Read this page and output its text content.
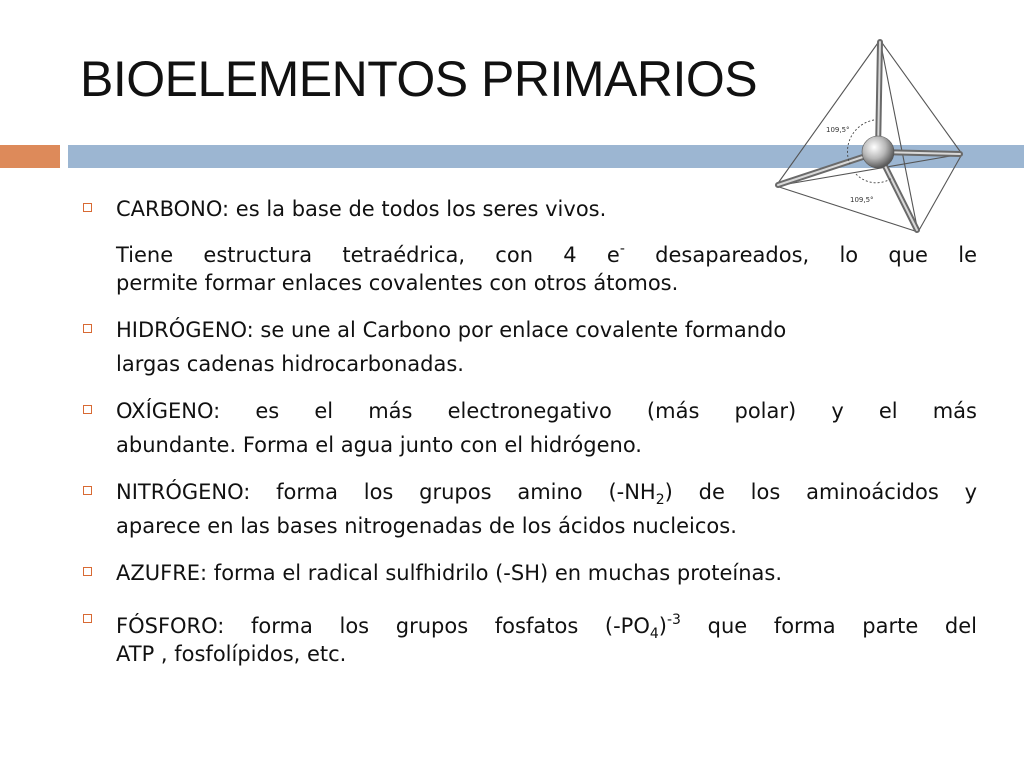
BIOELEMENTOS PRIMARIOS
109,5°
109,5°
CARBONO: es la base de todos los seres vivos.
Tiene estructura tetraédrica, con 4 e- desapareados, lo que le
permite formar enlaces covalentes con otros átomos.
HIDRÓGENO: se une al Carbono por enlace covalente formando
largas cadenas hidrocarbonadas.
OXÍGENO: es el más electronegativo (más polar) y el más
abundante. Forma el agua junto con el hidrógeno.
NITRÓGENO: forma los grupos amino $(-NH_2)$ de los aminoácidos y
aparece en las bases nitrogenadas de los ácidos nucleicos.
AZUFRE: forma el radical sulfhidrilo (-SH) en muchas proteínas.
FÓSFORO: forma los grupos fosfatos $(-PO_4)^{-3}$ que forma parte del
ATP , fosfolípidos, etc.
